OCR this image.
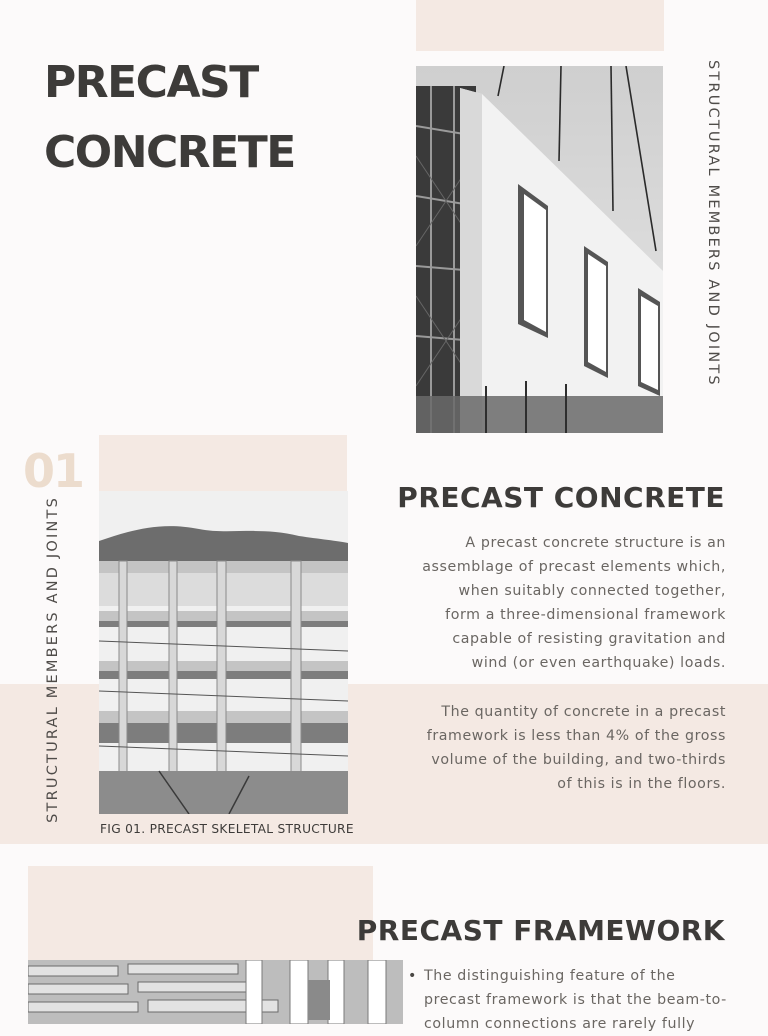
PRECAST
CONCRETE	STRUCTURAL MEMBERS AND JOINTS
01
STRUCTURAL MEMBERS AND JOINTS	PRECAST CONCRETE
A precast concrete structure is an
assemblage of precast elements which,
when suitably connected together,
form a three-dimensional framework
capable of resisting gravitation and
wind (or even earthquake) loads.
The quantity of concrete in a precast
framework is less than 4% of the gross
volume of the building, and two-thirds
of this is in the floors.
FIG 01. PRECAST SKELETAL STRUCTURE
PRECAST FRAMEWORK
• The distinguishing feature of the precast framework is that the beam-to-column connections are rarely fully
